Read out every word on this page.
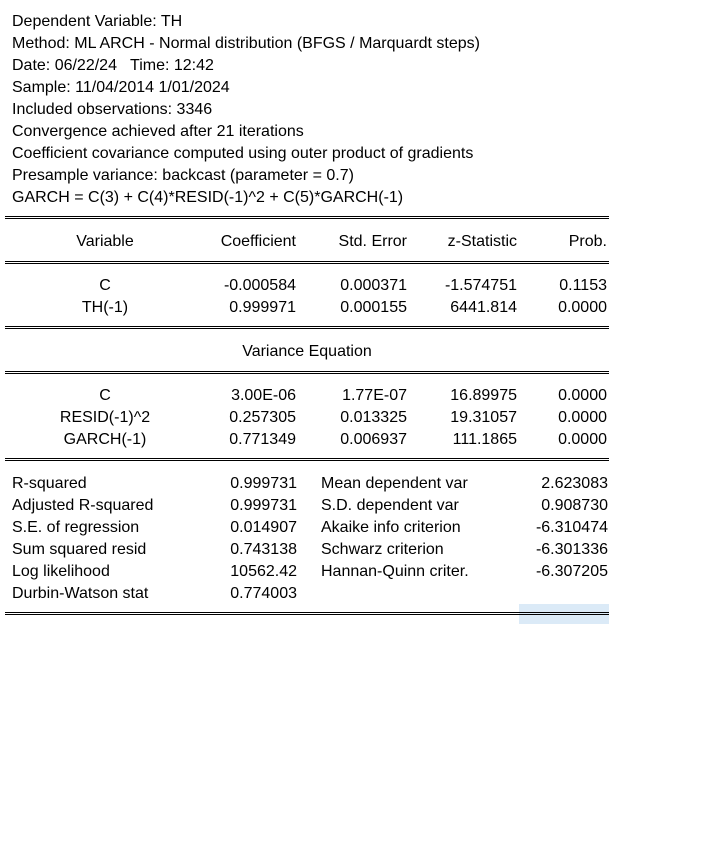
Dependent Variable: TH
Method: ML ARCH - Normal distribution (BFGS / Marquardt steps)
Date: 06/22/24   Time: 12:42
Sample: 11/04/2014 1/01/2024
Included observations: 3346
Convergence achieved after 21 iterations
Coefficient covariance computed using outer product of gradients
Presample variance: backcast (parameter = 0.7)
GARCH = C(3) + C(4)*RESID(-1)^2 + C(5)*GARCH(-1)
Variable	Coefficient	Std. Error	z-Statistic	Prob.
C	-0.000584	0.000371 -1.574751	0.1153
TH(-1)	0.999971	0.000155	6441.814	0.0000
Variance Equation
C	3.00E-06	1.77E-07	16.89975	0.0000
RESID(-1)^2	0.257305	0.013325	19.31057	0.0000
GARCH(-1)	0.771349	0.006937	111.1865	0.0000
R-squared	0.999731 Mean dependent var	2.623083
Adjusted R-squared	0.999731 S.D. dependent var	0.908730
S.E. of regression	0.014907 Akaike info criterion	-6.310474
Sum squared resid	0.743138 Schwarz criterion	-6.301336
Log likelihood	10562.42 Hannan-Quinn criter.	-6.307205
Durbin-Watson stat	0.774003
